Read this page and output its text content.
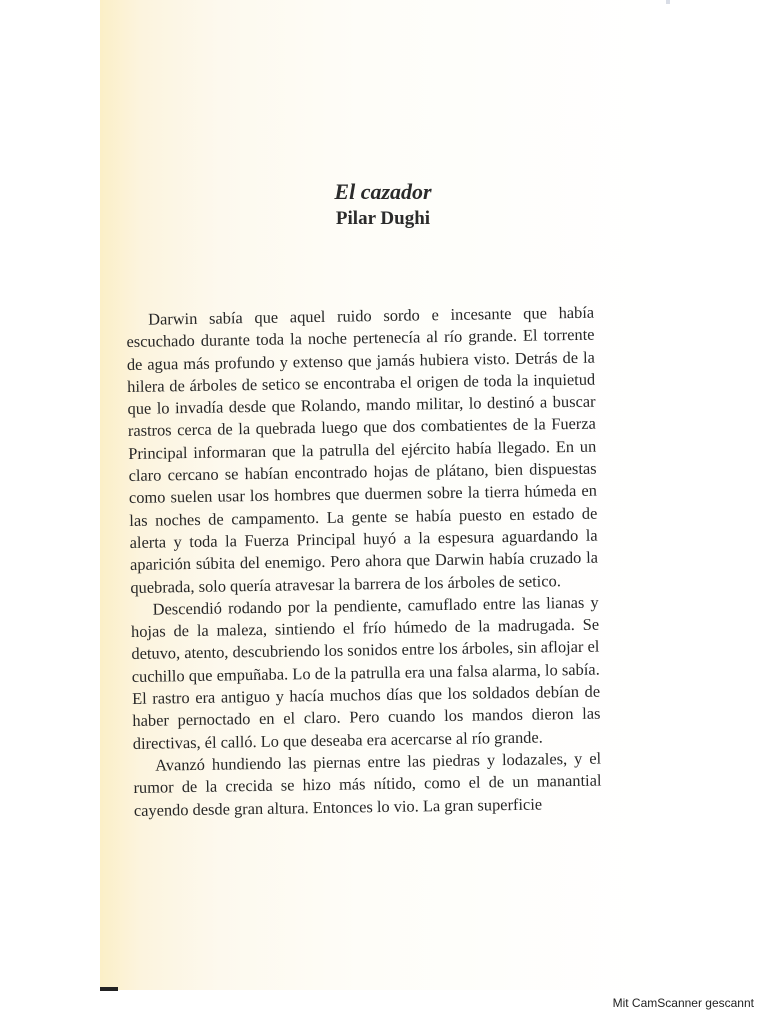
El cazador
Pilar Dughi

Darwin sabía que aquel ruido sordo e incesante que había escuchado durante toda la noche pertenecía al río grande. El torrente de agua más profundo y extenso que jamás hubiera visto. Detrás de la hilera de árboles de setico se encontraba el origen de toda la inquietud que lo invadía desde que Rolando, mando militar, lo destinó a buscar rastros cerca de la quebrada luego que dos combatientes de la Fuerza Principal informaran que la patrulla del ejército había llegado. En un claro cercano se habían encontrado hojas de plátano, bien dispuestas como suelen usar los hombres que duermen sobre la tierra húmeda en las noches de campamento. La gente se había puesto en estado de alerta y toda la Fuerza Principal huyó a la espesura aguardando la aparición súbita del enemigo. Pero ahora que Darwin había cruzado la quebrada, solo quería atravesar la barrera de los árboles de setico.

Descendió rodando por la pendiente, camuflado entre las lianas y hojas de la maleza, sintiendo el frío húmedo de la madrugada. Se detuvo, atento, descubriendo los sonidos entre los árboles, sin aflojar el cuchillo que empuñaba. Lo de la patrulla era una falsa alarma, lo sabía. El rastro era antiguo y hacía muchos días que los soldados debían de haber pernoctado en el claro. Pero cuando los mandos dieron las directivas, él calló. Lo que deseaba era acercarse al río grande.

Avanzó hundiendo las piernas entre las piedras y lodazales, y el rumor de la crecida se hizo más nítido, como el de un manantial cayendo desde gran altura. Entonces lo vio. La gran superficie

Mit CamScanner gescannt
